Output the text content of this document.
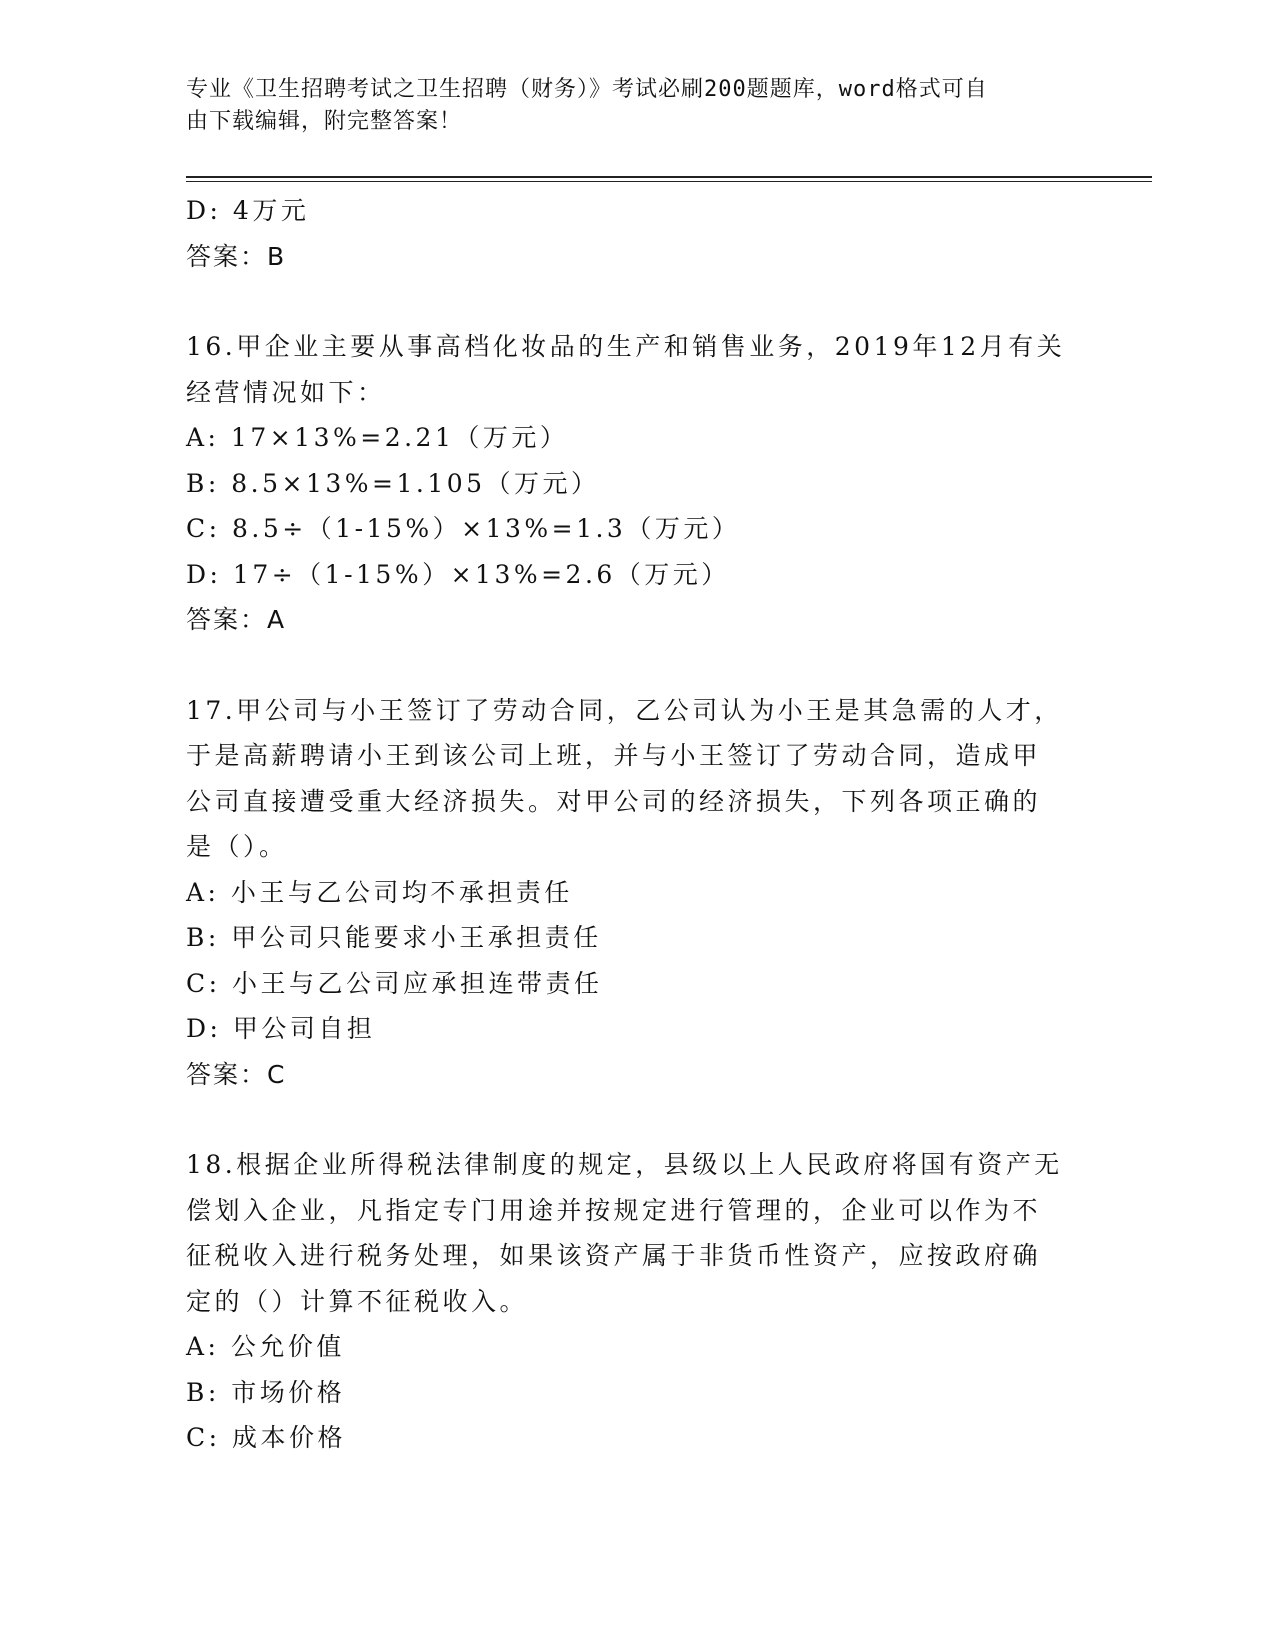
专业《卫生招聘考试之卫生招聘（财务）》考试必刷200题题库，word格式可自
由下载编辑，附完整答案！
D: 4万元
答案：B
16.甲企业主要从事高档化妆品的生产和销售业务，2019年12月有关
经营情况如下：
A: 17×13%=2.21（万元）
B: 8.5×13%=1.105（万元）
C: 8.5÷（1-15%）×13%=1.3（万元）
D: 17÷（1-15%）×13%=2.6（万元）
答案：A
17.甲公司与小王签订了劳动合同，乙公司认为小王是其急需的人才，
于是高薪聘请小王到该公司上班，并与小王签订了劳动合同，造成甲
公司直接遭受重大经济损失。对甲公司的经济损失，下列各项正确的
是（）。
A: 小王与乙公司均不承担责任
B: 甲公司只能要求小王承担责任
C: 小王与乙公司应承担连带责任
D: 甲公司自担
答案：C
18.根据企业所得税法律制度的规定，县级以上人民政府将国有资产无
偿划入企业，凡指定专门用途并按规定进行管理的，企业可以作为不
征税收入进行税务处理，如果该资产属于非货币性资产，应按政府确
定的（）计算不征税收入。
A: 公允价值
B: 市场价格
C: 成本价格
